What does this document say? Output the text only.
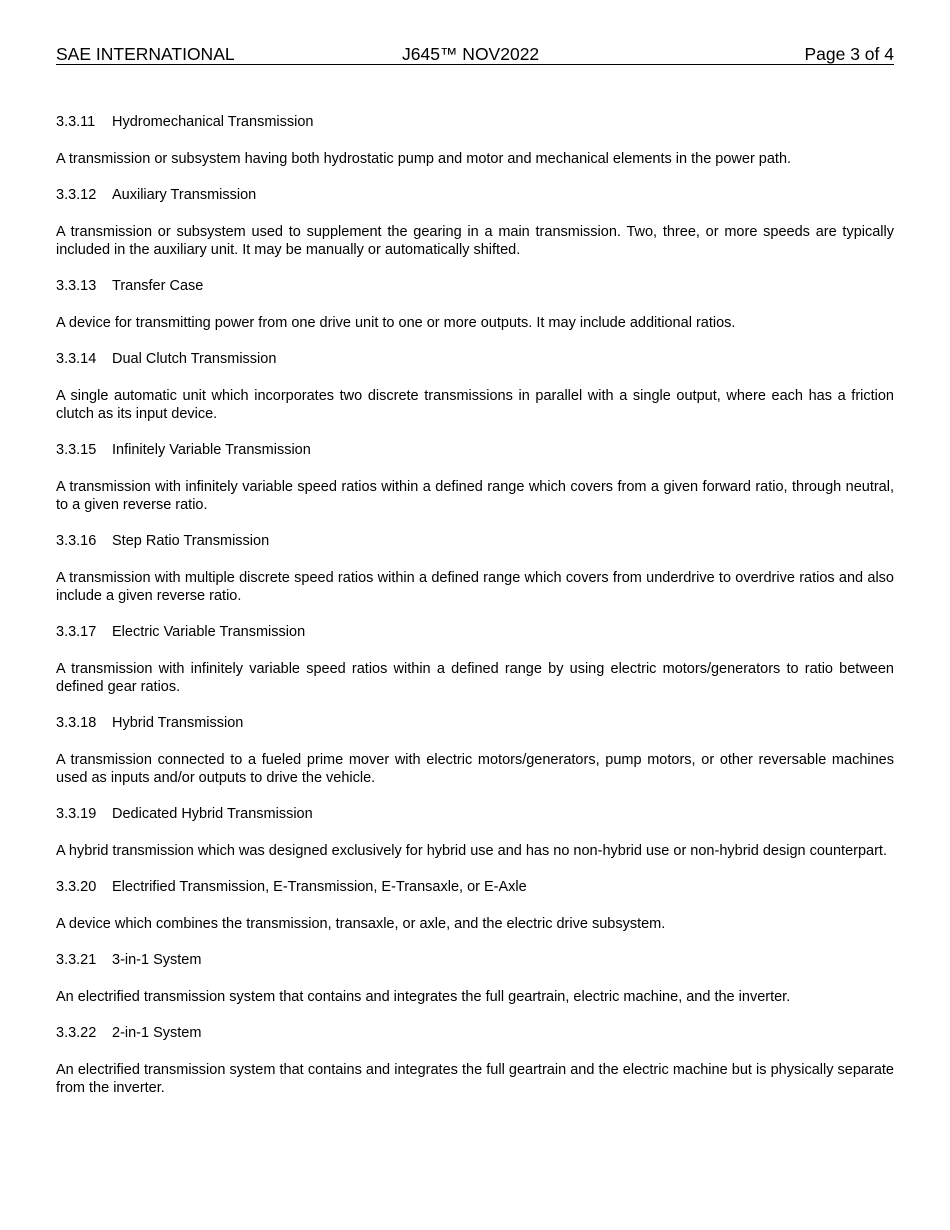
SAE INTERNATIONAL	J645™ NOV2022	Page 3 of 4
3.3.11 Hydromechanical Transmission
A transmission or subsystem having both hydrostatic pump and motor and mechanical elements in the power path.
3.3.12 Auxiliary Transmission
A transmission or subsystem used to supplement the gearing in a main transmission. Two, three, or more speeds are typically included in the auxiliary unit. It may be manually or automatically shifted.
3.3.13 Transfer Case
A device for transmitting power from one drive unit to one or more outputs. It may include additional ratios.
3.3.14 Dual Clutch Transmission
A single automatic unit which incorporates two discrete transmissions in parallel with a single output, where each has a friction clutch as its input device.
3.3.15 Infinitely Variable Transmission
A transmission with infinitely variable speed ratios within a defined range which covers from a given forward ratio, through neutral, to a given reverse ratio.
3.3.16 Step Ratio Transmission
A transmission with multiple discrete speed ratios within a defined range which covers from underdrive to overdrive ratios and also include a given reverse ratio.
3.3.17 Electric Variable Transmission
A transmission with infinitely variable speed ratios within a defined range by using electric motors/generators to ratio between defined gear ratios.
3.3.18 Hybrid Transmission
A transmission connected to a fueled prime mover with electric motors/generators, pump motors, or other reversable machines used as inputs and/or outputs to drive the vehicle.
3.3.19 Dedicated Hybrid Transmission
A hybrid transmission which was designed exclusively for hybrid use and has no non-hybrid use or non-hybrid design counterpart.
3.3.20 Electrified Transmission, E-Transmission, E-Transaxle, or E-Axle
A device which combines the transmission, transaxle, or axle, and the electric drive subsystem.
3.3.21 3-in-1 System
An electrified transmission system that contains and integrates the full geartrain, electric machine, and the inverter.
3.3.22 2-in-1 System
An electrified transmission system that contains and integrates the full geartrain and the electric machine but is physically separate from the inverter.
